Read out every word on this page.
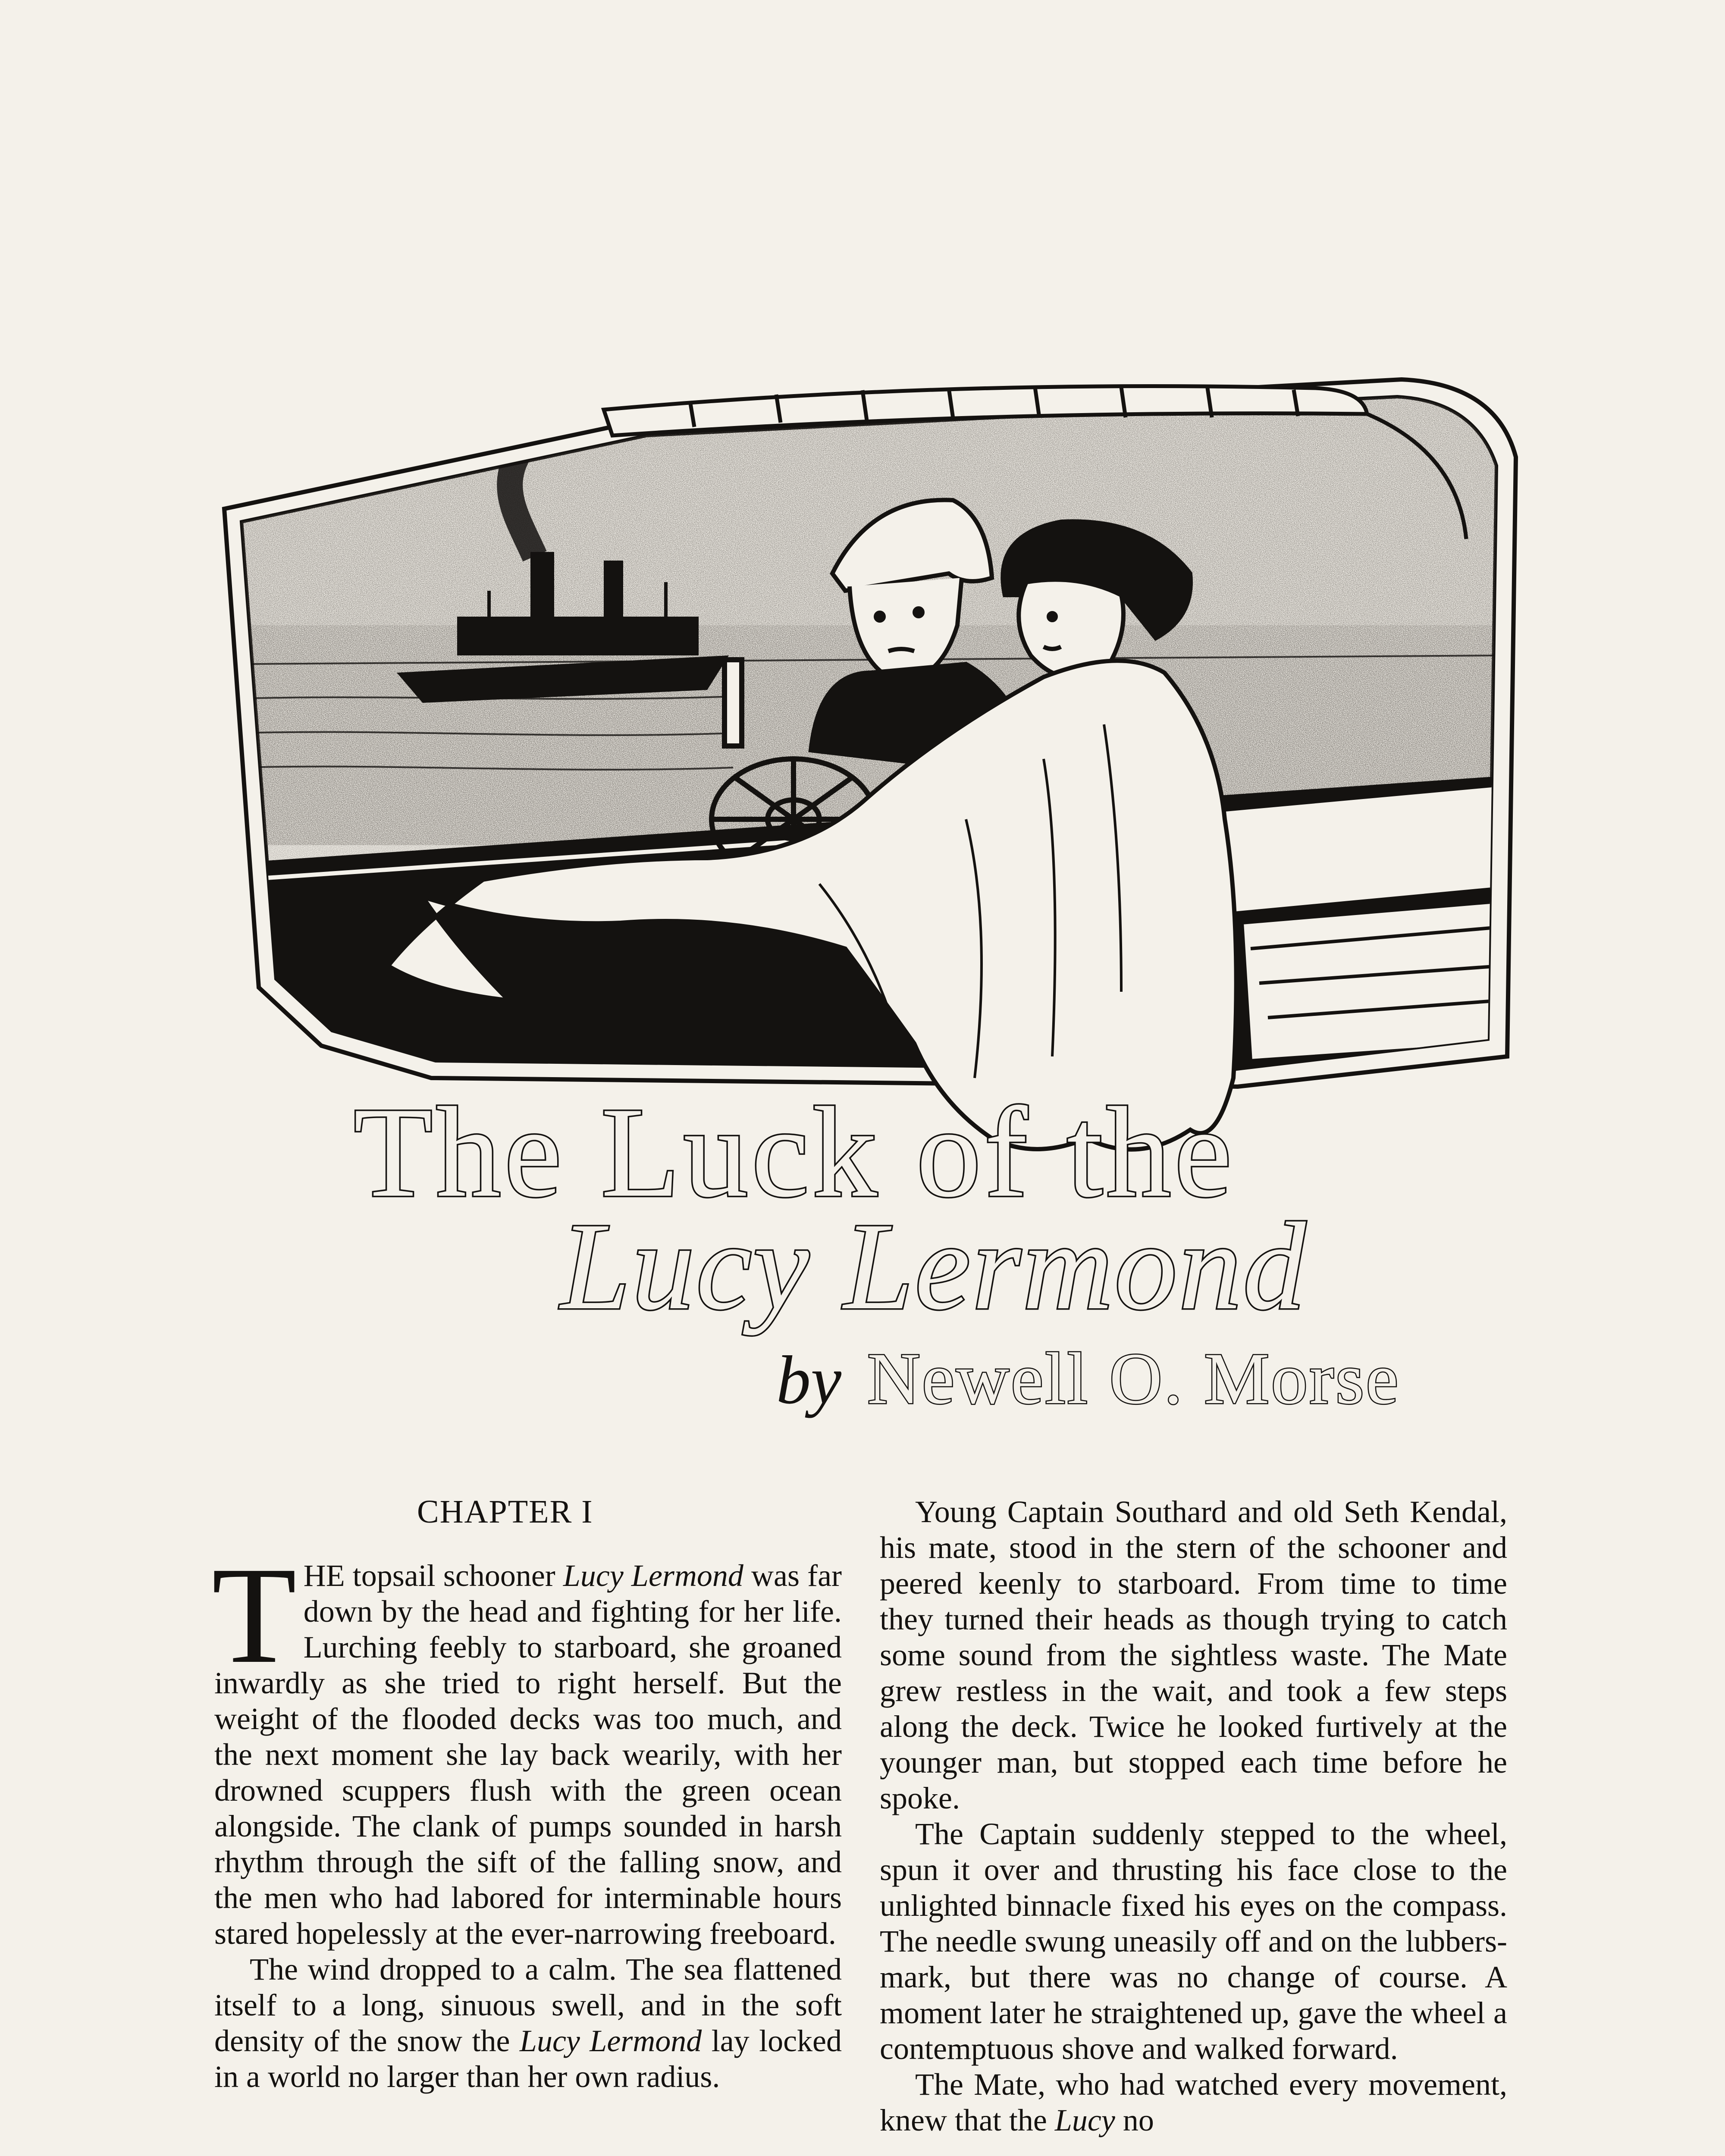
The Luck of the
Lucy Lermond

by Newell O. Morse

CHAPTER I

THE topsail schooner Lucy Lermond was far down by the head and fighting for her life. Lurching feebly to starboard, she groaned inwardly as she tried to right herself. But the weight of the flooded decks was too much, and the next moment she lay back wearily, with her drowned scuppers flush with the green ocean alongside. The clank of pumps sounded in harsh rhythm through the sift of the falling snow, and the men who had labored for interminable hours stared hopelessly at the ever-narrowing freeboard.

The wind dropped to a calm. The sea flattened itself to a long, sinuous swell, and in the soft density of the snow the Lucy Lermond lay locked in a world no larger than her own radius.

Young Captain Southard and old Seth Kendal, his mate, stood in the stern of the schooner and peered keenly to starboard. From time to time they turned their heads as though trying to catch some sound from the sightless waste. The Mate grew restless in the wait, and took a few steps along the deck. Twice he looked furtively at the younger man, but stopped each time before he spoke.

The Captain suddenly stepped to the wheel, spun it over and thrusting his face close to the unlighted binnacle fixed his eyes on the compass. The needle swung uneasily off and on the lubbers-mark, but there was no change of course. A moment later he straightened up, gave the wheel a contemptuous shove and walked forward.

The Mate, who had watched every movement, knew that the Lucy no
